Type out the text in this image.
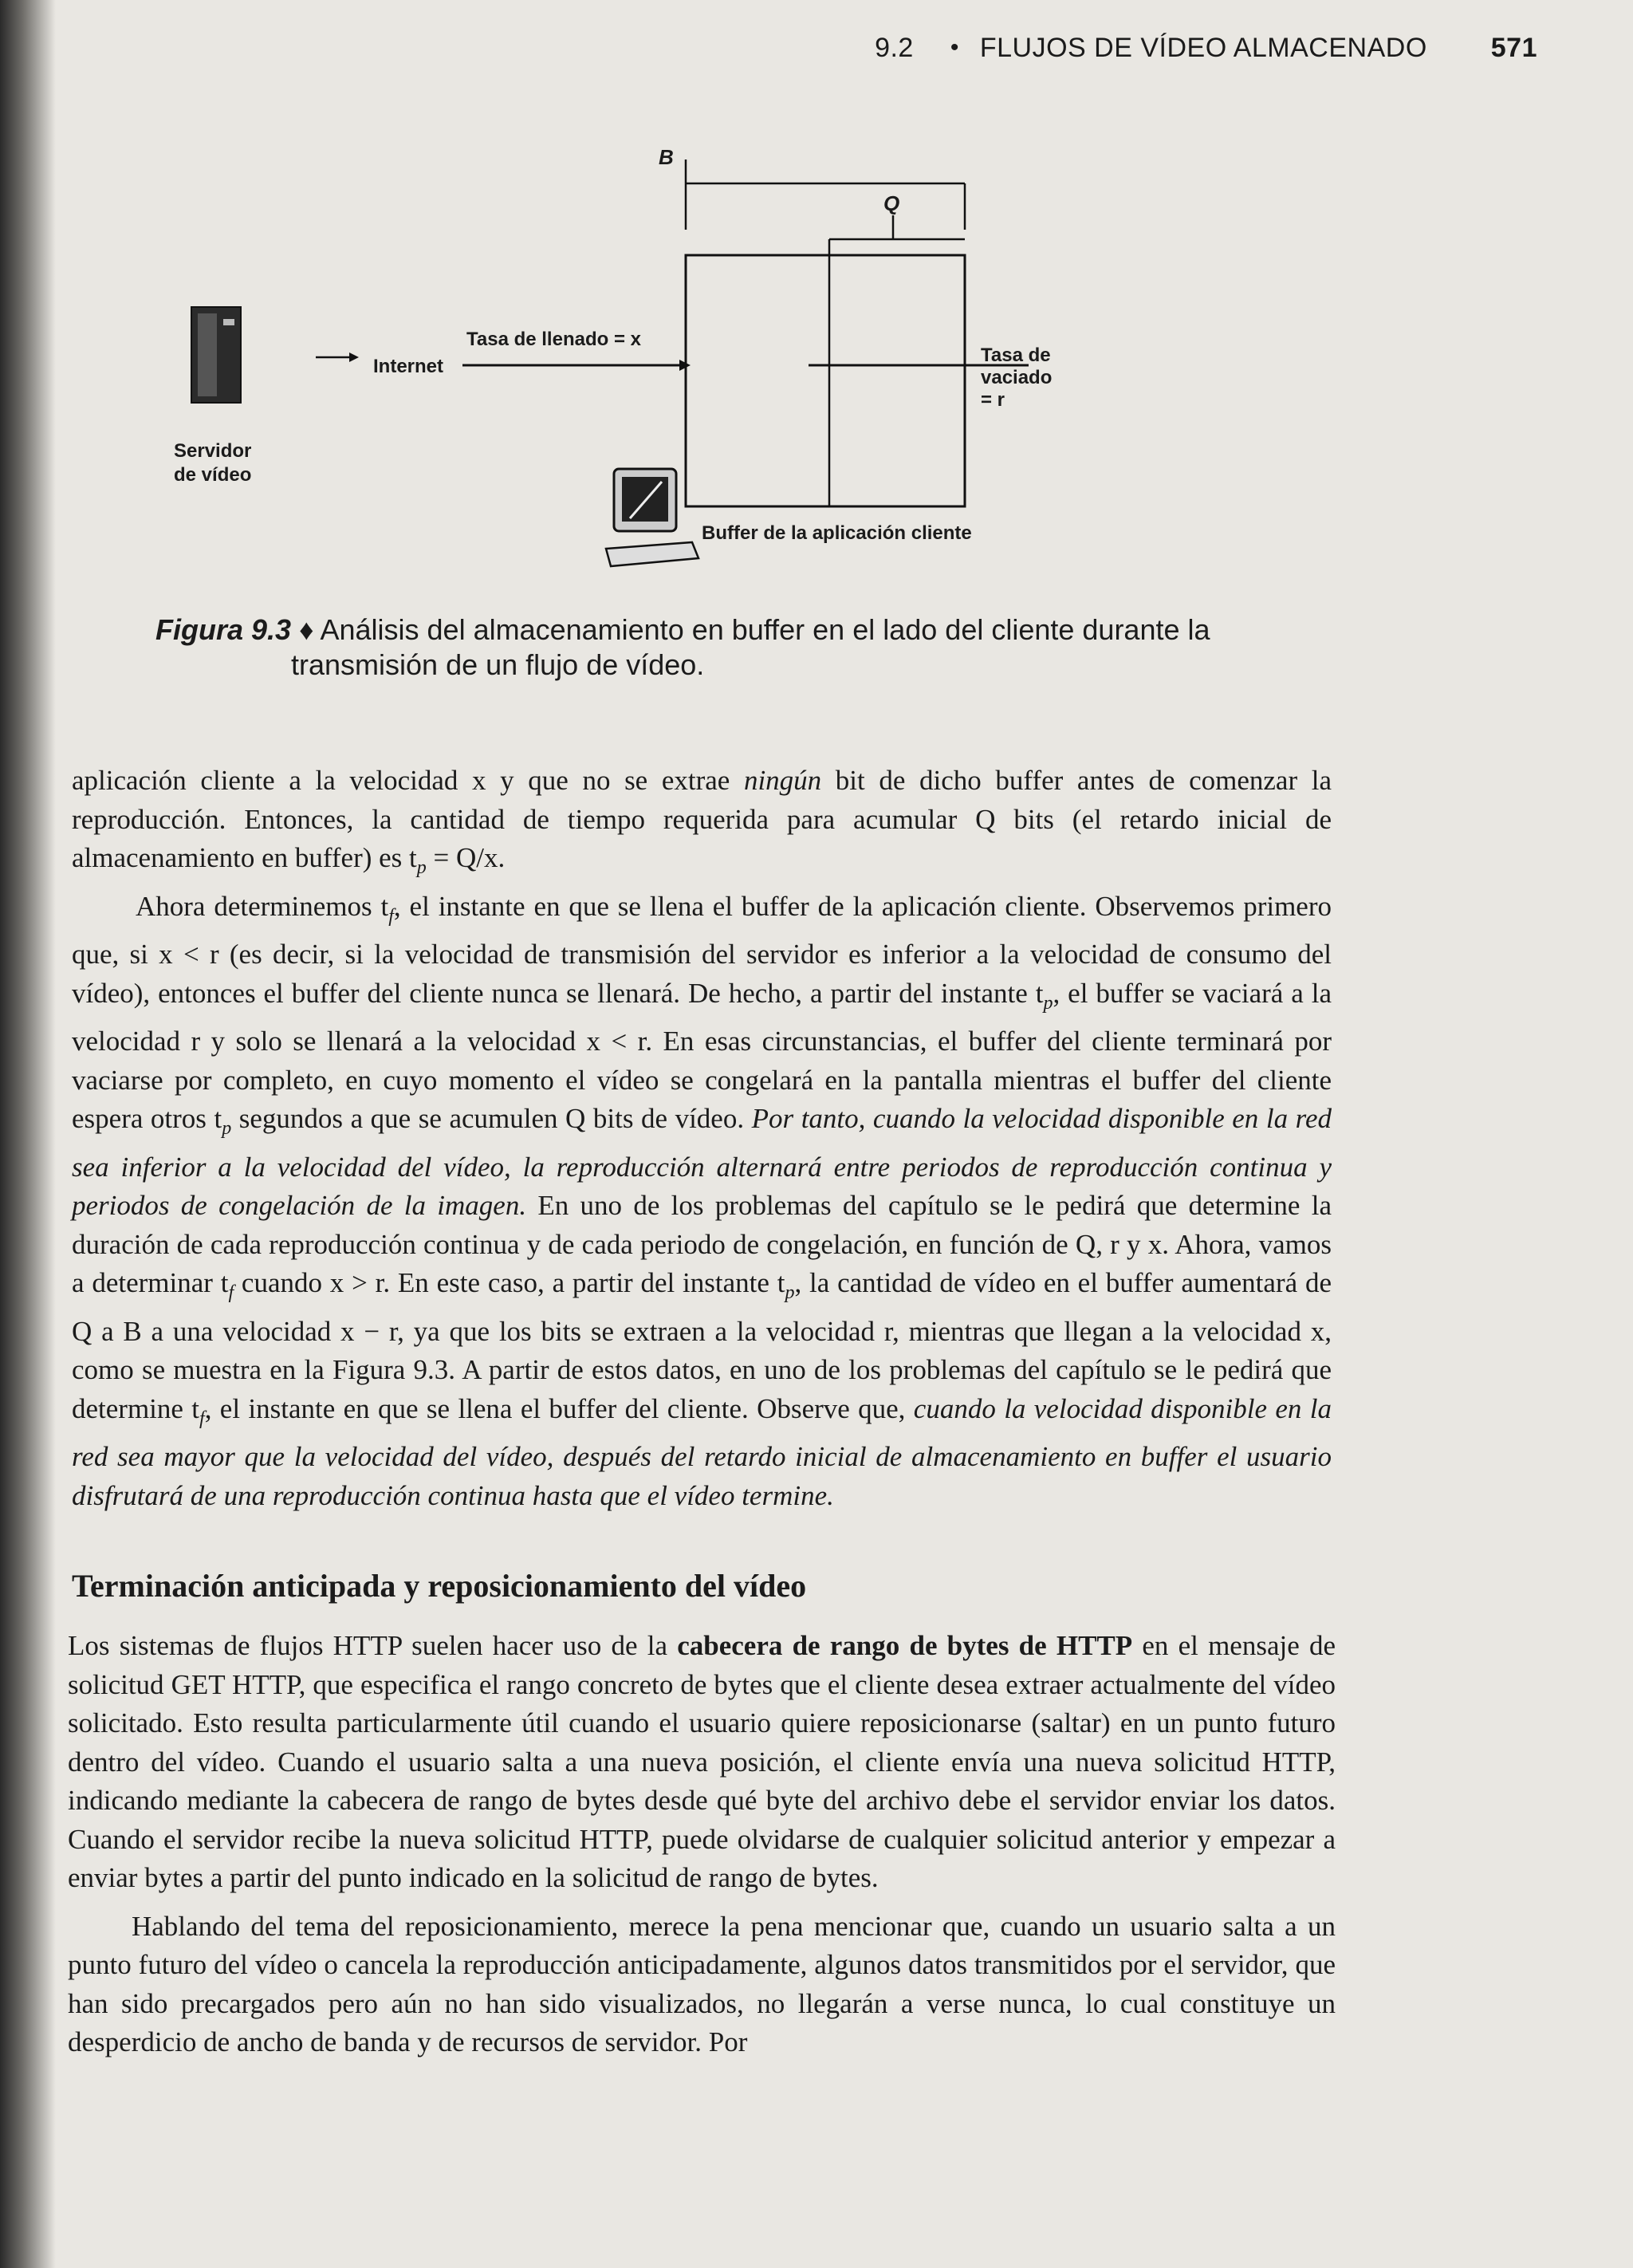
9.2 • FLUJOS DE VÍDEO ALMACENADO 571
B
Q
Tasa de llenado = x
Tasa de vaciado = r
Internet
Servidor
de vídeo
Buffer de la aplicación cliente
Figura 9.3 ♦ Análisis del almacenamiento en buffer en el lado del cliente durante la
transmisión de un flujo de vídeo.

aplicación cliente a la velocidad x y que no se extrae ningún bit de dicho buffer antes de comenzar la reproducción. Entonces, la cantidad de tiempo requerida para acumular Q bits (el retardo inicial de almacenamiento en buffer) es $t_p = Q/x$.

Ahora determinemos $t_f$, el instante en que se llena el buffer de la aplicación cliente. Observemos primero que, si x < r (es decir, si la velocidad de transmisión del servidor es inferior a la velocidad de consumo del vídeo), entonces el buffer del cliente nunca se llenará. De hecho, a partir del instante $t_p$, el buffer se vaciará a la velocidad r y solo se llenará a la velocidad x < r. En esas circunstancias, el buffer del cliente terminará por vaciarse por completo, en cuyo momento el vídeo se congelará en la pantalla mientras el buffer del cliente espera otros $t_p$ segundos a que se acumulen Q bits de vídeo. Por tanto, cuando la velocidad disponible en la red sea inferior a la velocidad del vídeo, la reproducción alternará entre periodos de reproducción continua y periodos de congelación de la imagen. En uno de los problemas del capítulo se le pedirá que determine la duración de cada reproducción continua y de cada periodo de congelación, en función de Q, r y x. Ahora, vamos a determinar $t_f$ cuando x > r. En este caso, a partir del instante $t_p$, la cantidad de vídeo en el buffer aumentará de Q a B a una velocidad x − r, ya que los bits se extraen a la velocidad r, mientras que llegan a la velocidad x, como se muestra en la Figura 9.3. A partir de estos datos, en uno de los problemas del capítulo se le pedirá que determine $t_f$, el instante en que se llena el buffer del cliente. Observe que, cuando la velocidad disponible en la red sea mayor que la velocidad del vídeo, después del retardo inicial de almacenamiento en buffer el usuario disfrutará de una reproducción continua hasta que el vídeo termine.

Terminación anticipada y reposicionamiento del vídeo

Los sistemas de flujos HTTP suelen hacer uso de la cabecera de rango de bytes de HTTP en el mensaje de solicitud GET HTTP, que especifica el rango concreto de bytes que el cliente desea extraer actualmente del vídeo solicitado. Esto resulta particularmente útil cuando el usuario quiere reposicionarse (saltar) en un punto futuro dentro del vídeo. Cuando el usuario salta a una nueva posición, el cliente envía una nueva solicitud HTTP, indicando mediante la cabecera de rango de bytes desde qué byte del archivo debe el servidor enviar los datos. Cuando el servidor recibe la nueva solicitud HTTP, puede olvidarse de cualquier solicitud anterior y empezar a enviar bytes a partir del punto indicado en la solicitud de rango de bytes.

Hablando del tema del reposicionamiento, merece la pena mencionar que, cuando un usuario salta a un punto futuro del vídeo o cancela la reproducción anticipadamente, algunos datos transmitidos por el servidor, que han sido precargados pero aún no han sido visualizados, no llegarán a verse nunca, lo cual constituye un desperdicio de ancho de banda y de recursos de servidor. Por
